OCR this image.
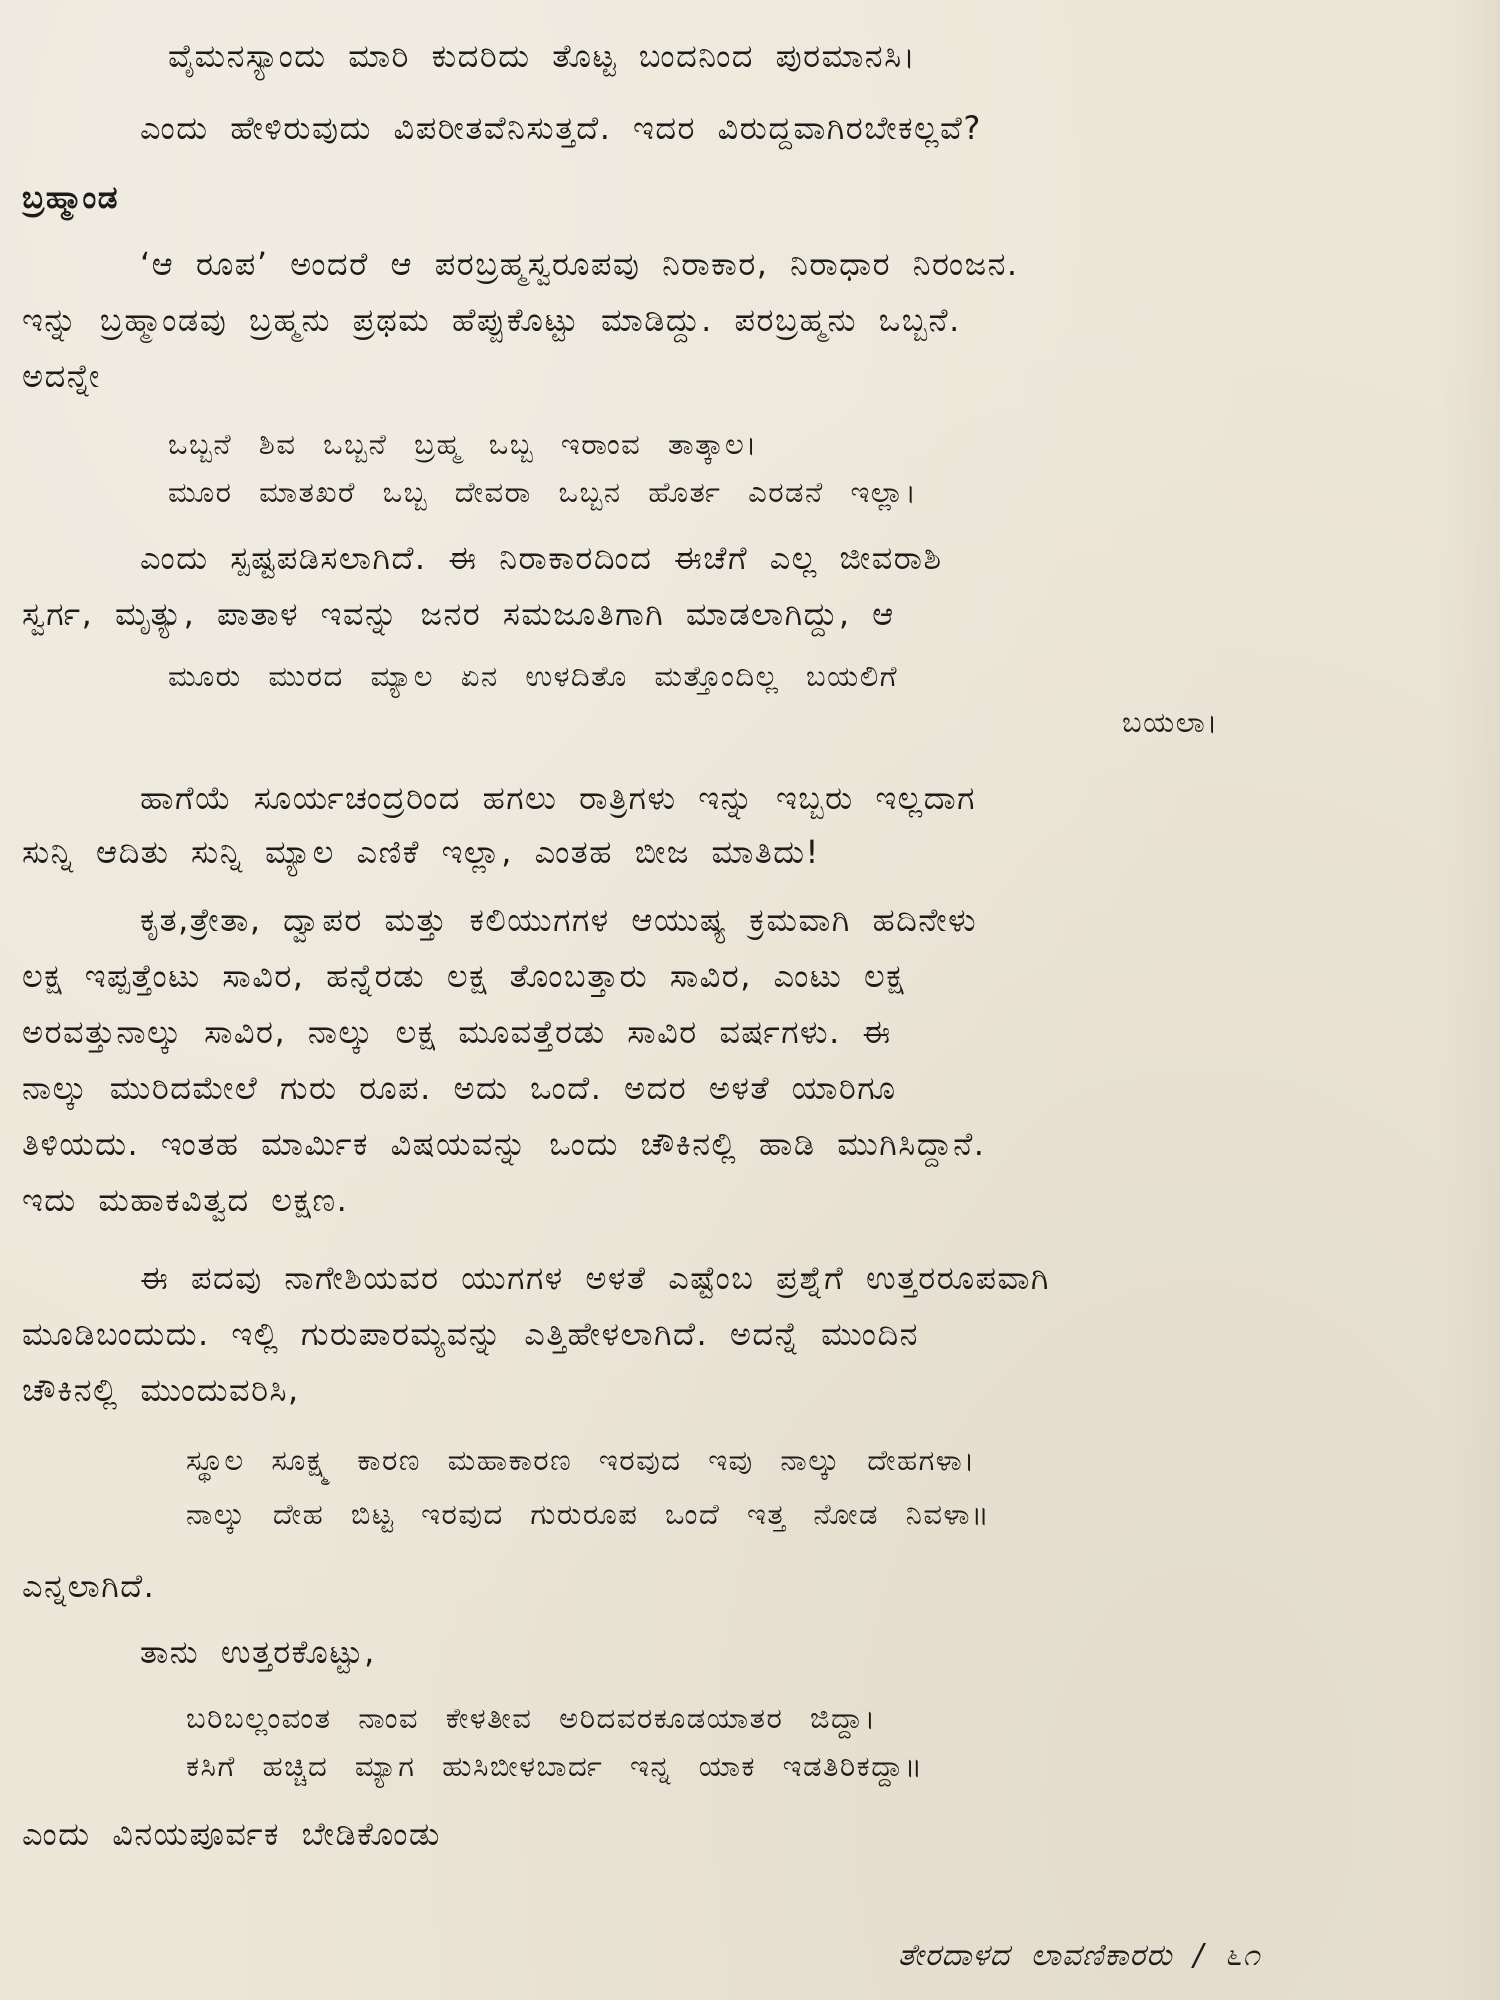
ವೈಮನಸ್ಯಾಂದು ಮಾರಿ ಕುದರಿದು ತೊಟ್ಟ ಬಂದನಿಂದ ಪುರಮಾನಸಿ।
ಎಂದು ಹೇಳಿರುವುದು ವಿಪರೀತವೆನಿಸುತ್ತದೆ. ಇದರ ವಿರುದ್ದವಾಗಿರಬೇಕಲ್ಲವೆ?
ಬ್ರಹ್ಮಾಂಡ
‘ಆ ರೂಪ’ ಅಂದರೆ ಆ ಪರಬ್ರಹ್ಮಸ್ವರೂಪವು ನಿರಾಕಾರ, ನಿರಾಧಾರ ನಿರಂಜನ.
ಇನ್ನು ಬ್ರಹ್ಮಾಂಡವು ಬ್ರಹ್ಮನು ಪ್ರಥಮ ಹೆಪ್ಪುಕೊಟ್ಟು ಮಾಡಿದ್ದು. ಪರಬ್ರಹ್ಮನು ಒಬ್ಬನೆ.
ಅದನ್ನೇ
ಒಬ್ಬನೆ ಶಿವ ಒಬ್ಬನೆ ಬ್ರಹ್ಮ ಒಬ್ಬ ಇರಾಂವ ತಾತ್ಕಾಲ।
ಮೂರ ಮಾತಖರೆ ಒಬ್ಬ ದೇವರಾ ಒಬ್ಬನ ಹೊರ್ತ ಎರಡನೆ ಇಲ್ಲಾ।
ಎಂದು ಸ್ಪಷ್ಟಪಡಿಸಲಾಗಿದೆ. ಈ ನಿರಾಕಾರದಿಂದ ಈಚೆಗೆ ಎಲ್ಲ ಜೀವರಾಶಿ
ಸ್ವರ್ಗ, ಮೃತ್ಯು, ಪಾತಾಳ ಇವನ್ನು ಜನರ ಸಮಜೂತಿಗಾಗಿ ಮಾಡಲಾಗಿದ್ದು, ಆ
ಮೂರು ಮುರದ ಮ್ಯಾಲ ಏನ ಉಳದಿತೊ ಮತ್ತೊಂದಿಲ್ಲ ಬಯಲಿಗೆ
ಬಯಲಾ।
ಹಾಗೆಯೆ ಸೂರ್ಯಚಂದ್ರರಿಂದ ಹಗಲು ರಾತ್ರಿಗಳು ಇನ್ನು ಇಬ್ಬರು ಇಲ್ಲದಾಗ
ಸುನ್ನಿ ಆದಿತು ಸುನ್ನಿ ಮ್ಯಾಲ ಎಣಿಕೆ ಇಲ್ಲಾ, ಎಂತಹ ಬೀಜ ಮಾತಿದು!
ಕೃತ,ತ್ರೇತಾ, ದ್ವಾಪರ ಮತ್ತು ಕಲಿಯುಗಗಳ ಆಯುಷ್ಯ ಕ್ರಮವಾಗಿ ಹದಿನೇಳು
ಲಕ್ಷ ಇಪ್ಪತ್ತೆಂಟು ಸಾವಿರ, ಹನ್ನೆರಡು ಲಕ್ಷ ತೊಂಬತ್ತಾರು ಸಾವಿರ, ಎಂಟು ಲಕ್ಷ
ಅರವತ್ತುನಾಲ್ಕು ಸಾವಿರ, ನಾಲ್ಕು ಲಕ್ಷ ಮೂವತ್ತೆರಡು ಸಾವಿರ ವರ್ಷಗಳು. ಈ
ನಾಲ್ಕು ಮುರಿದಮೇಲೆ ಗುರು ರೂಪ. ಅದು ಒಂದೆ. ಅದರ ಅಳತೆ ಯಾರಿಗೂ
ತಿಳಿಯದು. ಇಂತಹ ಮಾರ್ಮಿಕ ವಿಷಯವನ್ನು ಒಂದು ಚೌಕಿನಲ್ಲಿ ಹಾಡಿ ಮುಗಿಸಿದ್ದಾನೆ.
ಇದು ಮಹಾಕವಿತ್ವದ ಲಕ್ಷಣ.
ಈ ಪದವು ನಾಗೇಶಿಯವರ ಯುಗಗಳ ಅಳತೆ ಎಷ್ಟೆಂಬ ಪ್ರಶ್ನೆಗೆ ಉತ್ತರರೂಪವಾಗಿ
ಮೂಡಿಬಂದುದು. ಇಲ್ಲಿ ಗುರುಪಾರಮ್ಯವನ್ನು ಎತ್ತಿಹೇಳಲಾಗಿದೆ. ಅದನ್ನೆ ಮುಂದಿನ
ಚೌಕಿನಲ್ಲಿ ಮುಂದುವರಿಸಿ,
ಸ್ಥೂಲ ಸೂಕ್ಷ್ಮ ಕಾರಣ ಮಹಾಕಾರಣ ಇರವುದ ಇವು ನಾಲ್ಕು ದೇಹಗಳಾ।
ನಾಲ್ಕು ದೇಹ ಬಿಟ್ಟ ಇರವುದ ಗುರುರೂಪ ಒಂದೆ ಇತ್ತ ನೋಡ ನಿವಳಾ॥
ಎನ್ನಲಾಗಿದೆ.
ತಾನು ಉತ್ತರಕೊಟ್ಟು,
ಬರಿಬಲ್ಲಂವಂತ ನಾಂವ ಕೇಳತೀವ ಅರಿದವರಕೂಡಯಾತರ ಜಿದ್ದಾ।
ಕಸಿಗೆ ಹಚ್ಚಿದ ಮ್ಯಾಗ ಹುಸಿಬೀಳಬಾರ್ದ ಇನ್ನ ಯಾಕ ಇಡತಿರಿಕದ್ದಾ॥
ಎಂದು ವಿನಯಪೂರ್ವಕ ಬೇಡಿಕೊಂಡು
ತೇರದಾಳದ ಲಾವಣಿಕಾರರು / ೬೧
